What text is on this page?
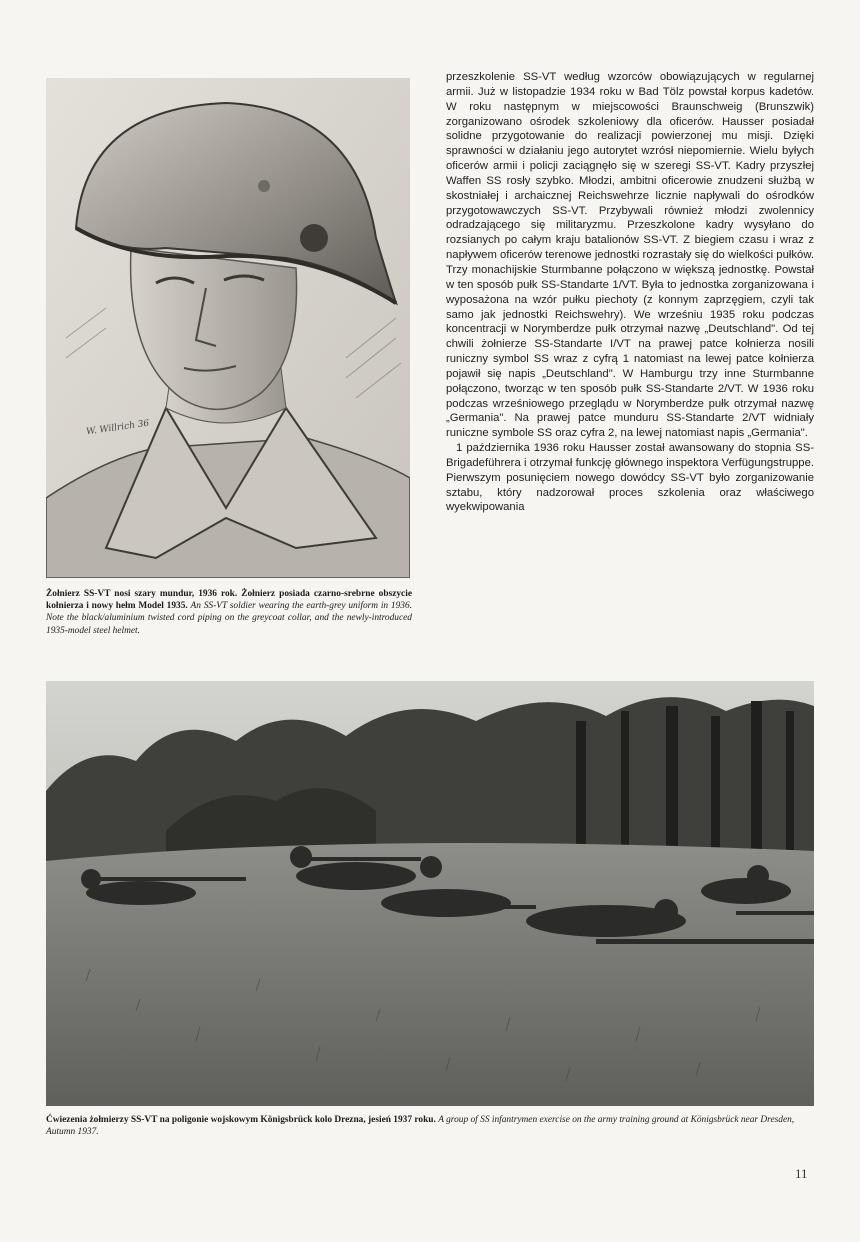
W. Willrich 36
Żołnierz SS-VT nosi szary mundur, 1936 rok. Żołnierz posiada czarno-srebrne obszycie kołnierza i nowy hełm Model 1935. An SS-VT soldier wearing the earth-grey uniform in 1936. Note the black/aluminium twisted cord piping on the greycoat collar, and the newly-introduced 1935-model steel helmet.

przeszkolenie SS-VT według wzorców obowiązujących w regularnej armii. Już w listopadzie 1934 roku w Bad Tölz powstał korpus kadetów. W roku następnym w miejscowości Braunschweig (Brunszwik) zorganizowano ośrodek szkoleniowy dla oficerów. Hausser posiadał solidne przygotowanie do realizacji powierzonej mu misji. Dzięki sprawności w działaniu jego autorytet wzrósł niepomiernie. Wielu byłych oficerów armii i policji zaciągnęło się w szeregi SS-VT. Kadry przyszłej Waffen SS rosły szybko. Młodzi, ambitni oficerowie znudzeni służbą w skostniałej i archaicznej Reichswehrze licznie napływali do ośrodków przygotowawczych SS-VT. Przybywali również młodzi zwolennicy odradzającego się militaryzmu. Przeszkolone kadry wysyłano do rozsianych po całym kraju batalionów SS-VT. Z biegiem czasu i wraz z napływem oficerów terenowe jednostki rozrastały się do wielkości pułków. Trzy monachijskie Sturmbanne połączono w większą jednostkę. Powstał w ten sposób pułk SS-Standarte 1/VT. Była to jednostka zorganizowana i wyposażona na wzór pułku piechoty (z konnym zaprzęgiem, czyli tak samo jak jednostki Reichswehry). We wrześniu 1935 roku podczas koncentracji w Norymberdze pułk otrzymał nazwę „Deutschland". Od tej chwili żołnierze SS-Standarte I/VT na prawej patce kołnierza nosili runiczny symbol SS wraz z cyfrą 1 natomiast na lewej patce kołnierza pojawił się napis „Deutschland". W Hamburgu trzy inne Sturmbanne połączono, tworząc w ten sposób pułk SS-Standarte 2/VT. W 1936 roku podczas wrześniowego przeglądu w Norymberdze pułk otrzymał nazwę „Germania". Na prawej patce munduru SS-Standarte 2/VT widniały runiczne symbole SS oraz cyfra 2, na lewej natomiast napis „Germania".

1 października 1936 roku Hausser został awansowany do stopnia SS-Brigadeführera i otrzymał funkcję głównego inspektora Verfügungstruppe. Pierwszym posunięciem nowego dowódcy SS-VT było zorganizowanie sztabu, który nadzorował proces szkolenia oraz właściwego wyekwipowania

Ćwiezenia żołmierzy SS-VT na poligonie wojskowym Königsbrück kolo Drezna, jesień 1937 roku. A group of SS infantrymen exercise on the army training ground at Königsbrück near Dresden, Autumn 1937.
11
